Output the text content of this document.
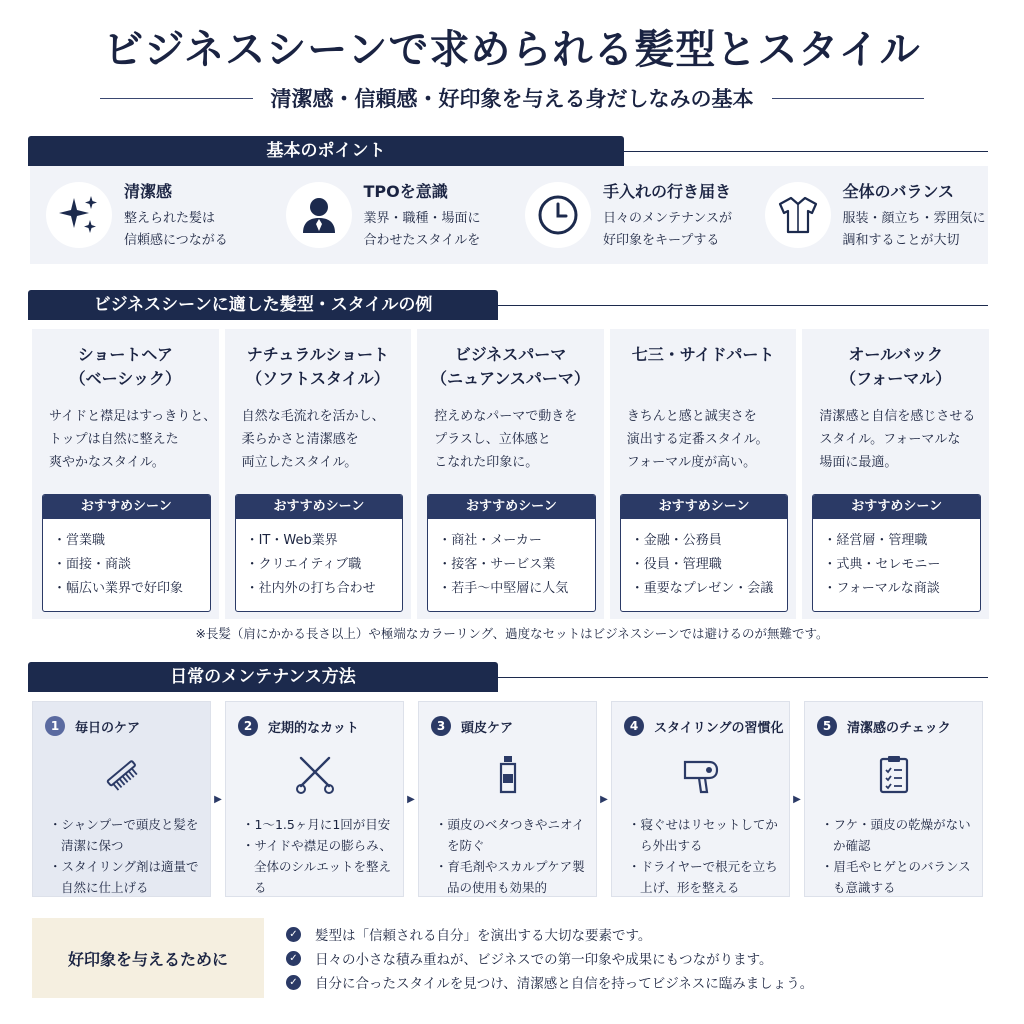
ビジネスシーンで求められる髪型とスタイル
清潔感・信頼感・好印象を与える身だしなみの基本
基本のポイント
清潔感
整えられた髪は
信頼感につながる
TPOを意識
業界・職種・場面に
合わせたスタイルを
手入れの行き届き
日々のメンテナンスが
好印象をキープする
全体のバランス
服装・顔立ち・雰囲気に
調和することが大切
ビジネスシーンに適した髪型・スタイルの例
ショートヘア
（ベーシック）
サイドと襟足はすっきりと、
トップは自然に整えた
爽やかなスタイル。
おすすめシーン
・営業職
・面接・商談
・幅広い業界で好印象
ナチュラルショート
（ソフトスタイル）
自然な毛流れを活かし、
柔らかさと清潔感を
両立したスタイル。
おすすめシーン
・IT・Web業界
・クリエイティブ職
・社内外の打ち合わせ
ビジネスパーマ
（ニュアンスパーマ）
控えめなパーマで動きを
プラスし、立体感と
こなれた印象に。
おすすめシーン
・商社・メーカー
・接客・サービス業
・若手〜中堅層に人気
七三・サイドパート
きちんと感と誠実さを
演出する定番スタイル。
フォーマル度が高い。
おすすめシーン
・金融・公務員
・役員・管理職
・重要なプレゼン・会議
オールバック
（フォーマル）
清潔感と自信を感じさせる
スタイル。フォーマルな
場面に最適。
おすすめシーン
・経営層・管理職
・式典・セレモニー
・フォーマルな商談
※長髪（肩にかかる長さ以上）や極端なカラーリング、過度なセットはビジネスシーンでは避けるのが無難です。
日常のメンテナンス方法
1	毎日のケア
・シャンプーで頭皮と髪を清潔に保つ
・スタイリング剤は適量で自然に仕上げる
▶
2	定期的なカット
・1〜1.5ヶ月に1回が目安
・サイドや襟足の膨らみ、全体のシルエットを整える
▶
3	頭皮ケア
・頭皮のベタつきやニオイを防ぐ
・育毛剤やスカルプケア製品の使用も効果的
▶
4	スタイリングの習慣化
・寝ぐせはリセットしてから外出する
・ドライヤーで根元を立ち上げ、形を整える
▶
5	清潔感のチェック
・フケ・頭皮の乾燥がないか確認
・眉毛やヒゲとのバランスも意識する
好印象を与えるために
✓ 髪型は「信頼される自分」を演出する大切な要素です。
✓ 日々の小さな積み重ねが、ビジネスでの第一印象や成果にもつながります。
✓ 自分に合ったスタイルを見つけ、清潔感と自信を持ってビジネスに臨みましょう。
